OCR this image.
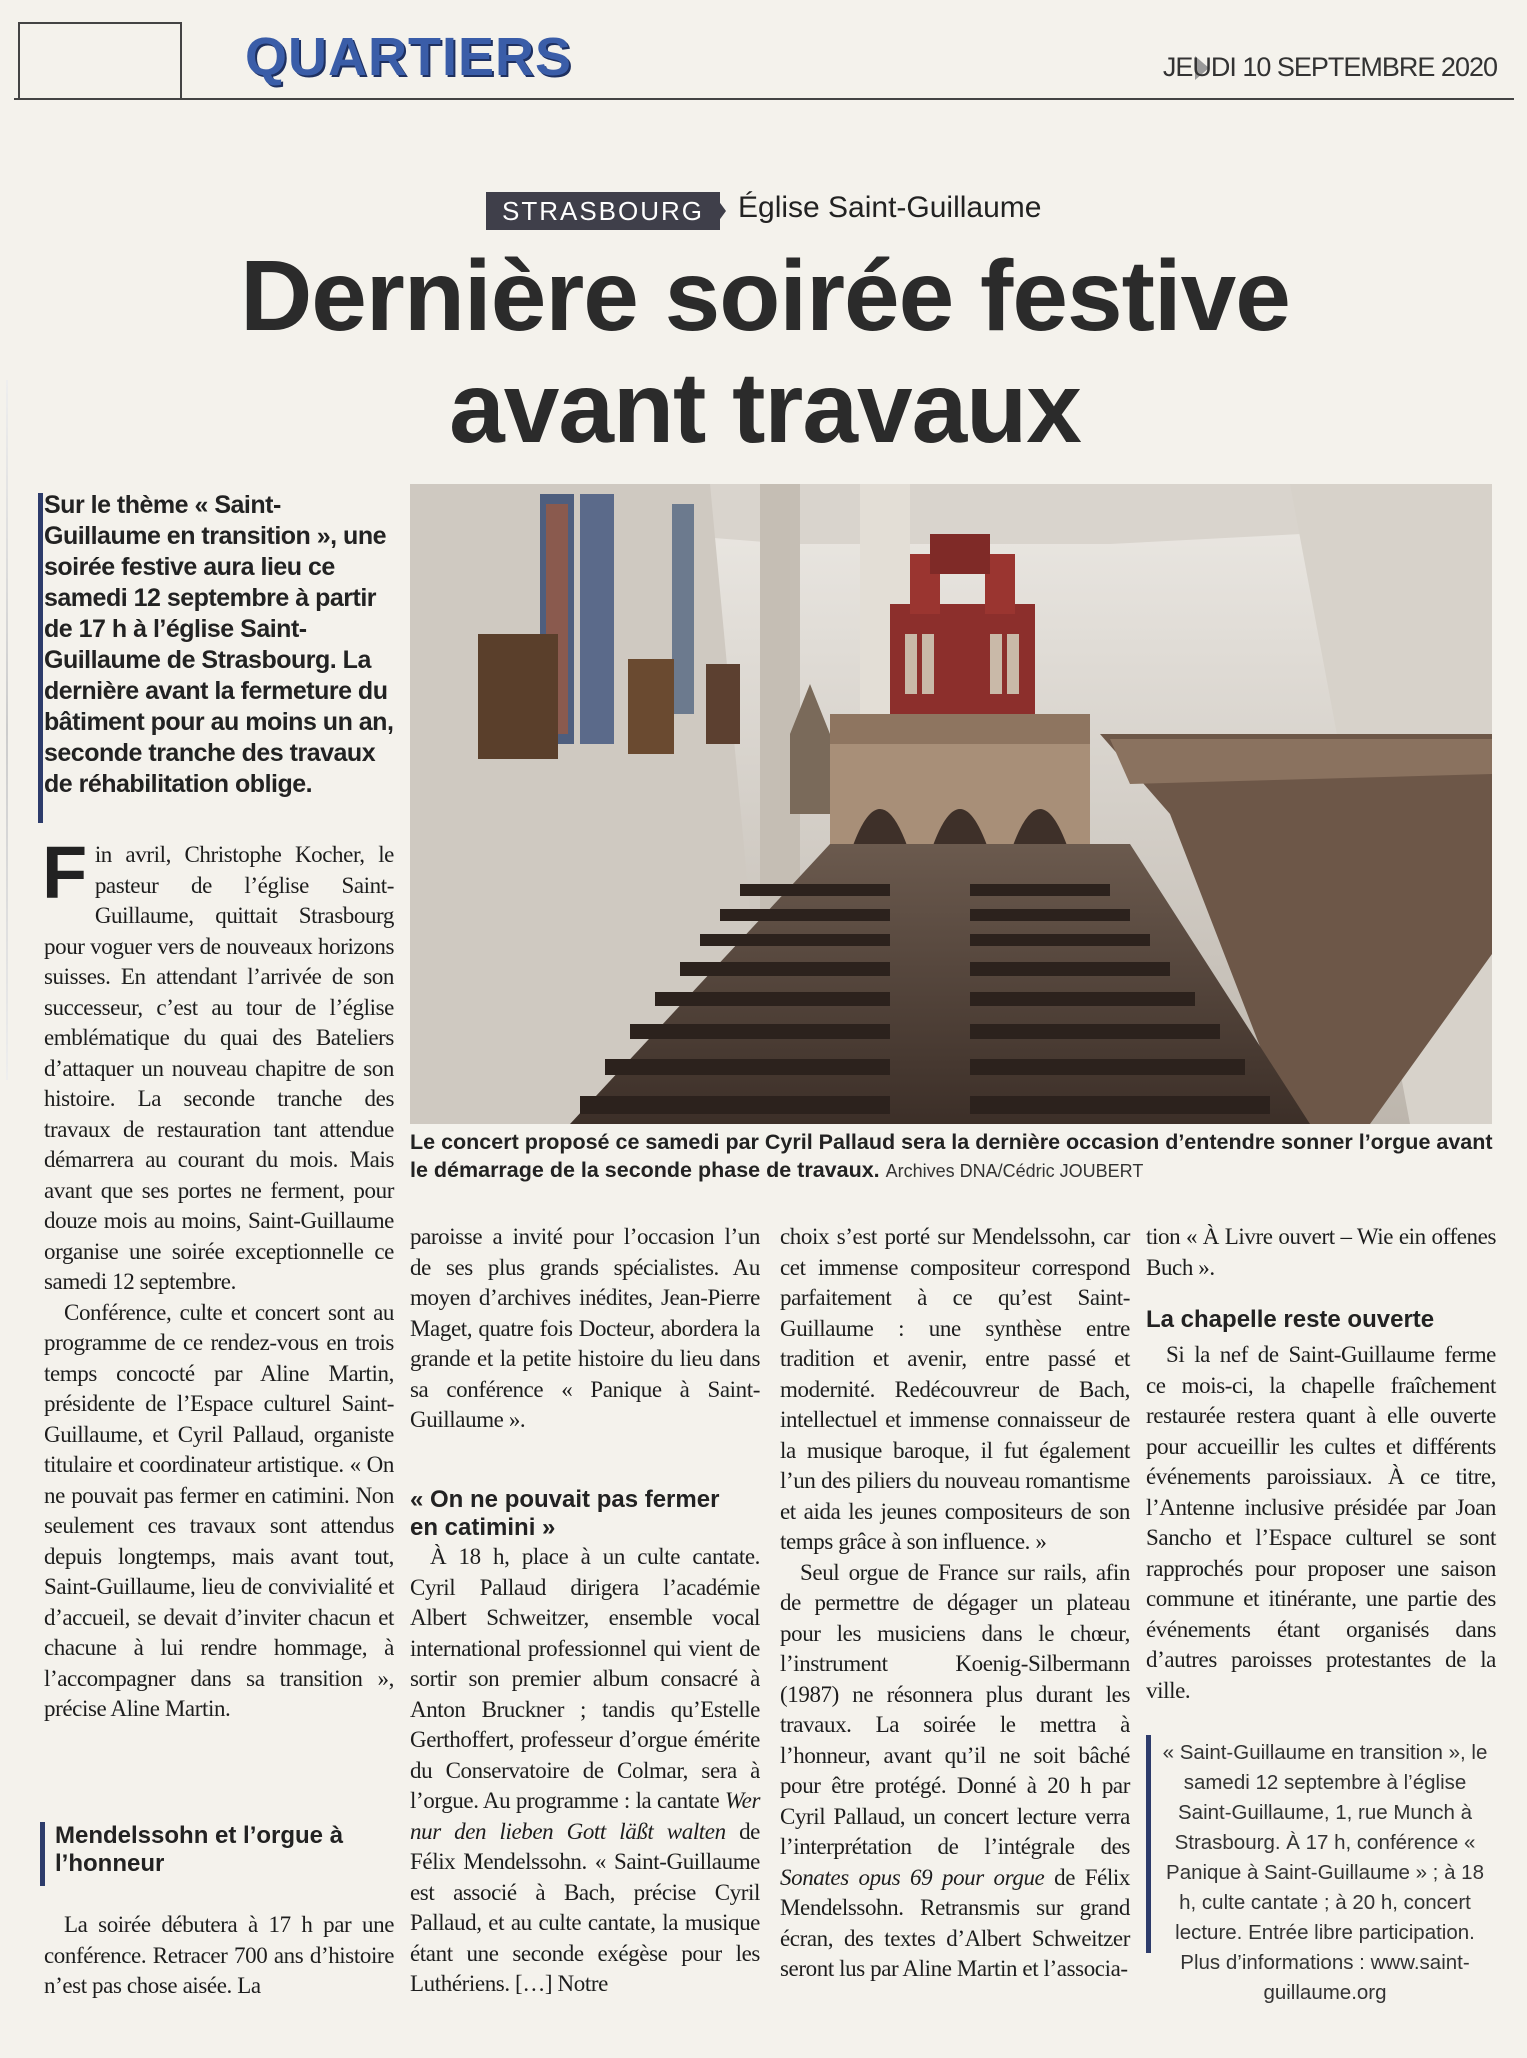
QUARTIERS	JEUDI 10 SEPTEMBRE 2020
STRASBOURG	Église Saint-Guillaume
Dernière soirée festive
avant travaux
Sur le thème « Saint-Guillaume en transition », une soirée festive aura lieu ce samedi 12 septembre à partir de 17 h à l’église Saint-Guillaume de Strasbourg. La dernière avant la fermeture du bâtiment pour au moins un an, seconde tranche des travaux de réhabilitation oblige.
Le concert proposé ce samedi par Cyril Pallaud sera la dernière occasion d’entendre sonner l’orgue avant le démarrage de la seconde phase de travaux. Archives DNA/Cédric JOUBERT

Fin avril, Christophe Kocher, le pasteur de l’église Saint-Guillaume, quittait Strasbourg pour voguer vers de nouveaux horizons suisses. En attendant l’arrivée de son successeur, c’est au tour de l’église emblématique du quai des Bateliers d’attaquer un nouveau chapitre de son histoire. La seconde tranche des travaux de restauration tant attendue démarrera au courant du mois. Mais avant que ses portes ne ferment, pour douze mois au moins, Saint-Guillaume organise une soirée exceptionnelle ce samedi 12 septembre.

Conférence, culte et concert sont au programme de ce rendez-vous en trois temps concocté par Aline Martin, présidente de l’Espace culturel Saint-Guillaume, et Cyril Pallaud, organiste titulaire et coordinateur artistique. « On ne pouvait pas fermer en catimini. Non seulement ces travaux sont attendus depuis longtemps, mais avant tout, Saint-Guillaume, lieu de convivialité et d’accueil, se devait d’inviter chacun et chacune à lui rendre hommage, à l’accompagner dans sa transition », précise Aline Martin.

Mendelssohn et l’orgue à l’honneur

La soirée débutera à 17 h par une conférence. Retracer 700 ans d’histoire n’est pas chose aisée. La

paroisse a invité pour l’occasion l’un de ses plus grands spécialistes. Au moyen d’archives inédites, Jean-Pierre Maget, quatre fois Docteur, abordera la grande et la petite histoire du lieu dans sa conférence « Panique à Saint-Guillaume ».

« On ne pouvait pas fermer en catimini »

À 18 h, place à un culte cantate. Cyril Pallaud dirigera l’académie Albert Schweitzer, ensemble vocal international professionnel qui vient de sortir son premier album consacré à Anton Bruckner ; tandis qu’Estelle Gerthoffert, professeur d’orgue émérite du Conservatoire de Colmar, sera à l’orgue. Au programme : la cantate Wer nur den lieben Gott läßt walten de Félix Mendelssohn. « Saint-Guillaume est associé à Bach, précise Cyril Pallaud, et au culte cantate, la musique étant une seconde exégèse pour les Luthériens. […] Notre

choix s’est porté sur Mendelssohn, car cet immense compositeur correspond parfaitement à ce qu’est Saint-Guillaume : une synthèse entre tradition et avenir, entre passé et modernité. Redécouvreur de Bach, intellectuel et immense connaisseur de la musique baroque, il fut également l’un des piliers du nouveau romantisme et aida les jeunes compositeurs de son temps grâce à son influence. »

Seul orgue de France sur rails, afin de permettre de dégager un plateau pour les musiciens dans le chœur, l’instrument Koenig-Silbermann (1987) ne résonnera plus durant les travaux. La soirée le mettra à l’honneur, avant qu’il ne soit bâché pour être protégé. Donné à 20 h par Cyril Pallaud, un concert lecture verra l’interprétation de l’intégrale des Sonates opus 69 pour orgue de Félix Mendelssohn. Retransmis sur grand écran, des textes d’Albert Schweitzer seront lus par Aline Martin et l’associa-

tion « À Livre ouvert – Wie ein offenes Buch ».

La chapelle reste ouverte

Si la nef de Saint-Guillaume ferme ce mois-ci, la chapelle fraîchement restaurée restera quant à elle ouverte pour accueillir les cultes et différents événements paroissiaux. À ce titre, l’Antenne inclusive présidée par Joan Sancho et l’Espace culturel se sont rapprochés pour proposer une saison commune et itinérante, une partie des événements étant organisés dans d’autres paroisses protestantes de la ville.

« Saint-Guillaume en transition », le samedi 12 septembre à l’église Saint-Guillaume, 1, rue Munch à Strasbourg. À 17 h, conférence « Panique à Saint-Guillaume » ; à 18 h, culte cantate ; à 20 h, concert lecture. Entrée libre participation. Plus d’informations : www.saint-guillaume.org
